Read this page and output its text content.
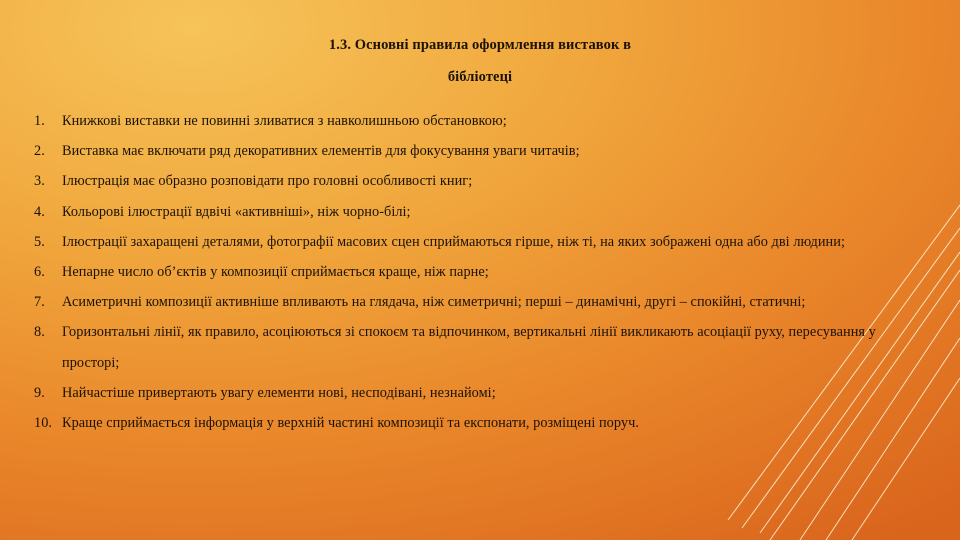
1.3. Основні правила оформлення виставок в
бібліотеці
1.	Книжкові виставки не повинні зливатися з навколишньою обстановкою;
2.	Виставка має включати ряд декоративних елементів для фокусування уваги читачів;
3.	Ілюстрація має образно розповідати про головні особливості книг;
4.	Кольорові ілюстрації вдвічі «активніші», ніж чорно-білі;
5.	Ілюстрації захаращені деталями, фотографії масових сцен сприймаються гірше, ніж ті, на яких зображені одна або дві людини;
6.	Непарне число об’єктів у композиції сприймається краще, ніж парне;
7.	Асиметричні композиції активніше впливають на глядача, ніж симетричні; перші – динамічні, другі – спокійні, статичні;
8.	Горизонтальні лінії, як правило, асоціюються зі спокоєм та відпочинком, вертикальні лінії викликають асоціації руху, пересування у просторі;
9.	Найчастіше привертають увагу елементи нові, несподівані, незнайомі;
10. Краще сприймається інформація у верхній частині композиції та експонати, розміщені поруч.
